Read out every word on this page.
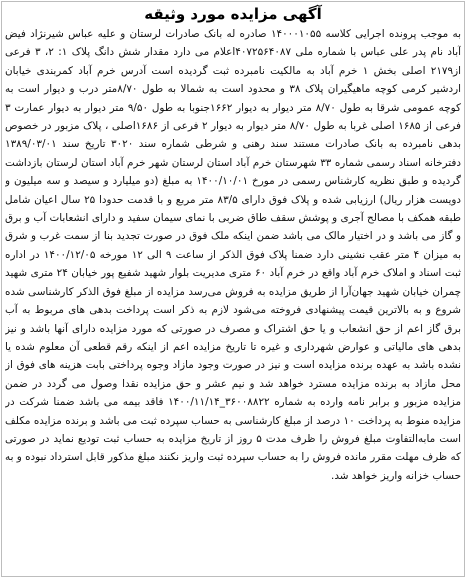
آگهی مزایده مورد وثیقه
به موجب پرونده اجرایی کلاسه ۱۴۰۰۰۱۰۵۵ صادره له بانک صادرات لرستان و علیه عباس شیرنژاد فیض آباد نام پدر علی عباس با شماره ملی ۴۰۷۲۵۶۴۰۸۷اعلام می دارد مقدار شش دانگ پلاک ۱: ۲، ۳ فرعی از۲۱۷۹ اصلی بخش ۱ خرم آباد به مالکیت نامبرده ثبت گردیده است آدرس خرم آباد کمربندی خیابان اردشیر کرمی کوچه ماهیگیران پلاک ۳۸ و محدود است به شمالا به طول ۸/۷۰متر درب و دیوار است به کوچه عمومی شرقا به طول ۸/۷۰ متر دیوار به دیوار ۱۶۶۲جنوبا به طول ۹/۵۰ متر دیوار به دیوار عمارت ۳ فرعی از ۱۶۸۵ اصلی غربا به طول ۸/۷۰ متر دیوار به دیوار ۲ فرعی از ۱۶۸۶اصلی ، پلاک مزبور در خصوص بدهی نامبرده به بانک صادرات مستند سند رهنی و شرطی شماره سند ۳۰۲۰ تاریخ سند ۱۳۸۹/۰۳/۰۱ دفترخانه اسناد رسمی شماره ۳۳ شهرستان خرم آباد استان لرستان شهر خرم آباد استان لرستان بازداشت گردیده و طبق نظریه کارشناس رسمی در مورخ ۱۴۰۰/۱۰/۰۱ به مبلغ (دو میلیارد و سیصد و سه میلیون و دویست هزار ریال) ارزیابی شده و پلاک فوق دارای ۸۳/۵ متر مربع و با قدمت حدودا ۲۵ سال اعیان شامل طبقه همکف با مصالح آجری و پوشش سقف طاق ضربی با نمای سیمان سفید و دارای انشعابات آب و برق و گاز می باشد و در اختیار مالک می باشد ضمن اینکه ملک فوق در صورت تجدید بنا از سمت غرب و شرق به میزان ۴ متر عقب نشینی دارد ضمنا پلاک فوق الذکر از ساعت ۹ الی ۱۲ مورخه ۱۴۰۰/۱۲/۰۵ در اداره ثبت اسناد و املاک خرم آباد واقع در خرم آباد ۶۰ متری مدیریت بلوار شهید شفیع پور خیابان ۲۴ متری شهید چمران خیابان شهید جهان‌آرا از طریق مزایده به فروش می‌رسد مزایده از مبلغ فوق الذکر کارشناسی شده شروع و به بالاترین قیمت پیشنهادی فروخته می‌شود لازم به ذکر است پرداخت بدهی های مربوط به آب برق گاز اعم از حق انشعاب و یا حق اشتراک و مصرف در صورتی که مورد مزایده دارای آنها باشد و نیز بدهی های مالیاتی و عوارض شهرداری و غیره تا تاریخ مزایده اعم از اینکه رقم قطعی آن معلوم شده یا نشده باشد به عهده برنده مزایده است و نیز در صورت وجود مازاد وجوه پرداختی بابت هزینه های فوق از محل مازاد به برنده مزایده مسترد خواهد شد و نیم عشر و حق مزایده نقدا وصول می گردد در ضمن مزایده مزبور و برابر نامه وارده به شماره ۳۶۰۰۸۸۲۲_۱۴۰۰/۱۱/۱۴ فاقد بیمه می باشد ضمنا شرکت در مزایده منوط به پرداخت ۱۰ درصد از مبلغ کارشناسی به حساب سپرده ثبت می باشد و برنده مزایده مکلف است مابه‌التفاوت مبلغ فروش را ظرف مدت ۵ روز از تاریخ مزایده به حساب ثبت تودیع نماید در صورتی که ظرف مهلت مقرر مانده فروش را به حساب سپرده ثبت واریز نکنند مبلغ مذکور قابل استرداد نبوده و به حساب خزانه واریز خواهد شد.
